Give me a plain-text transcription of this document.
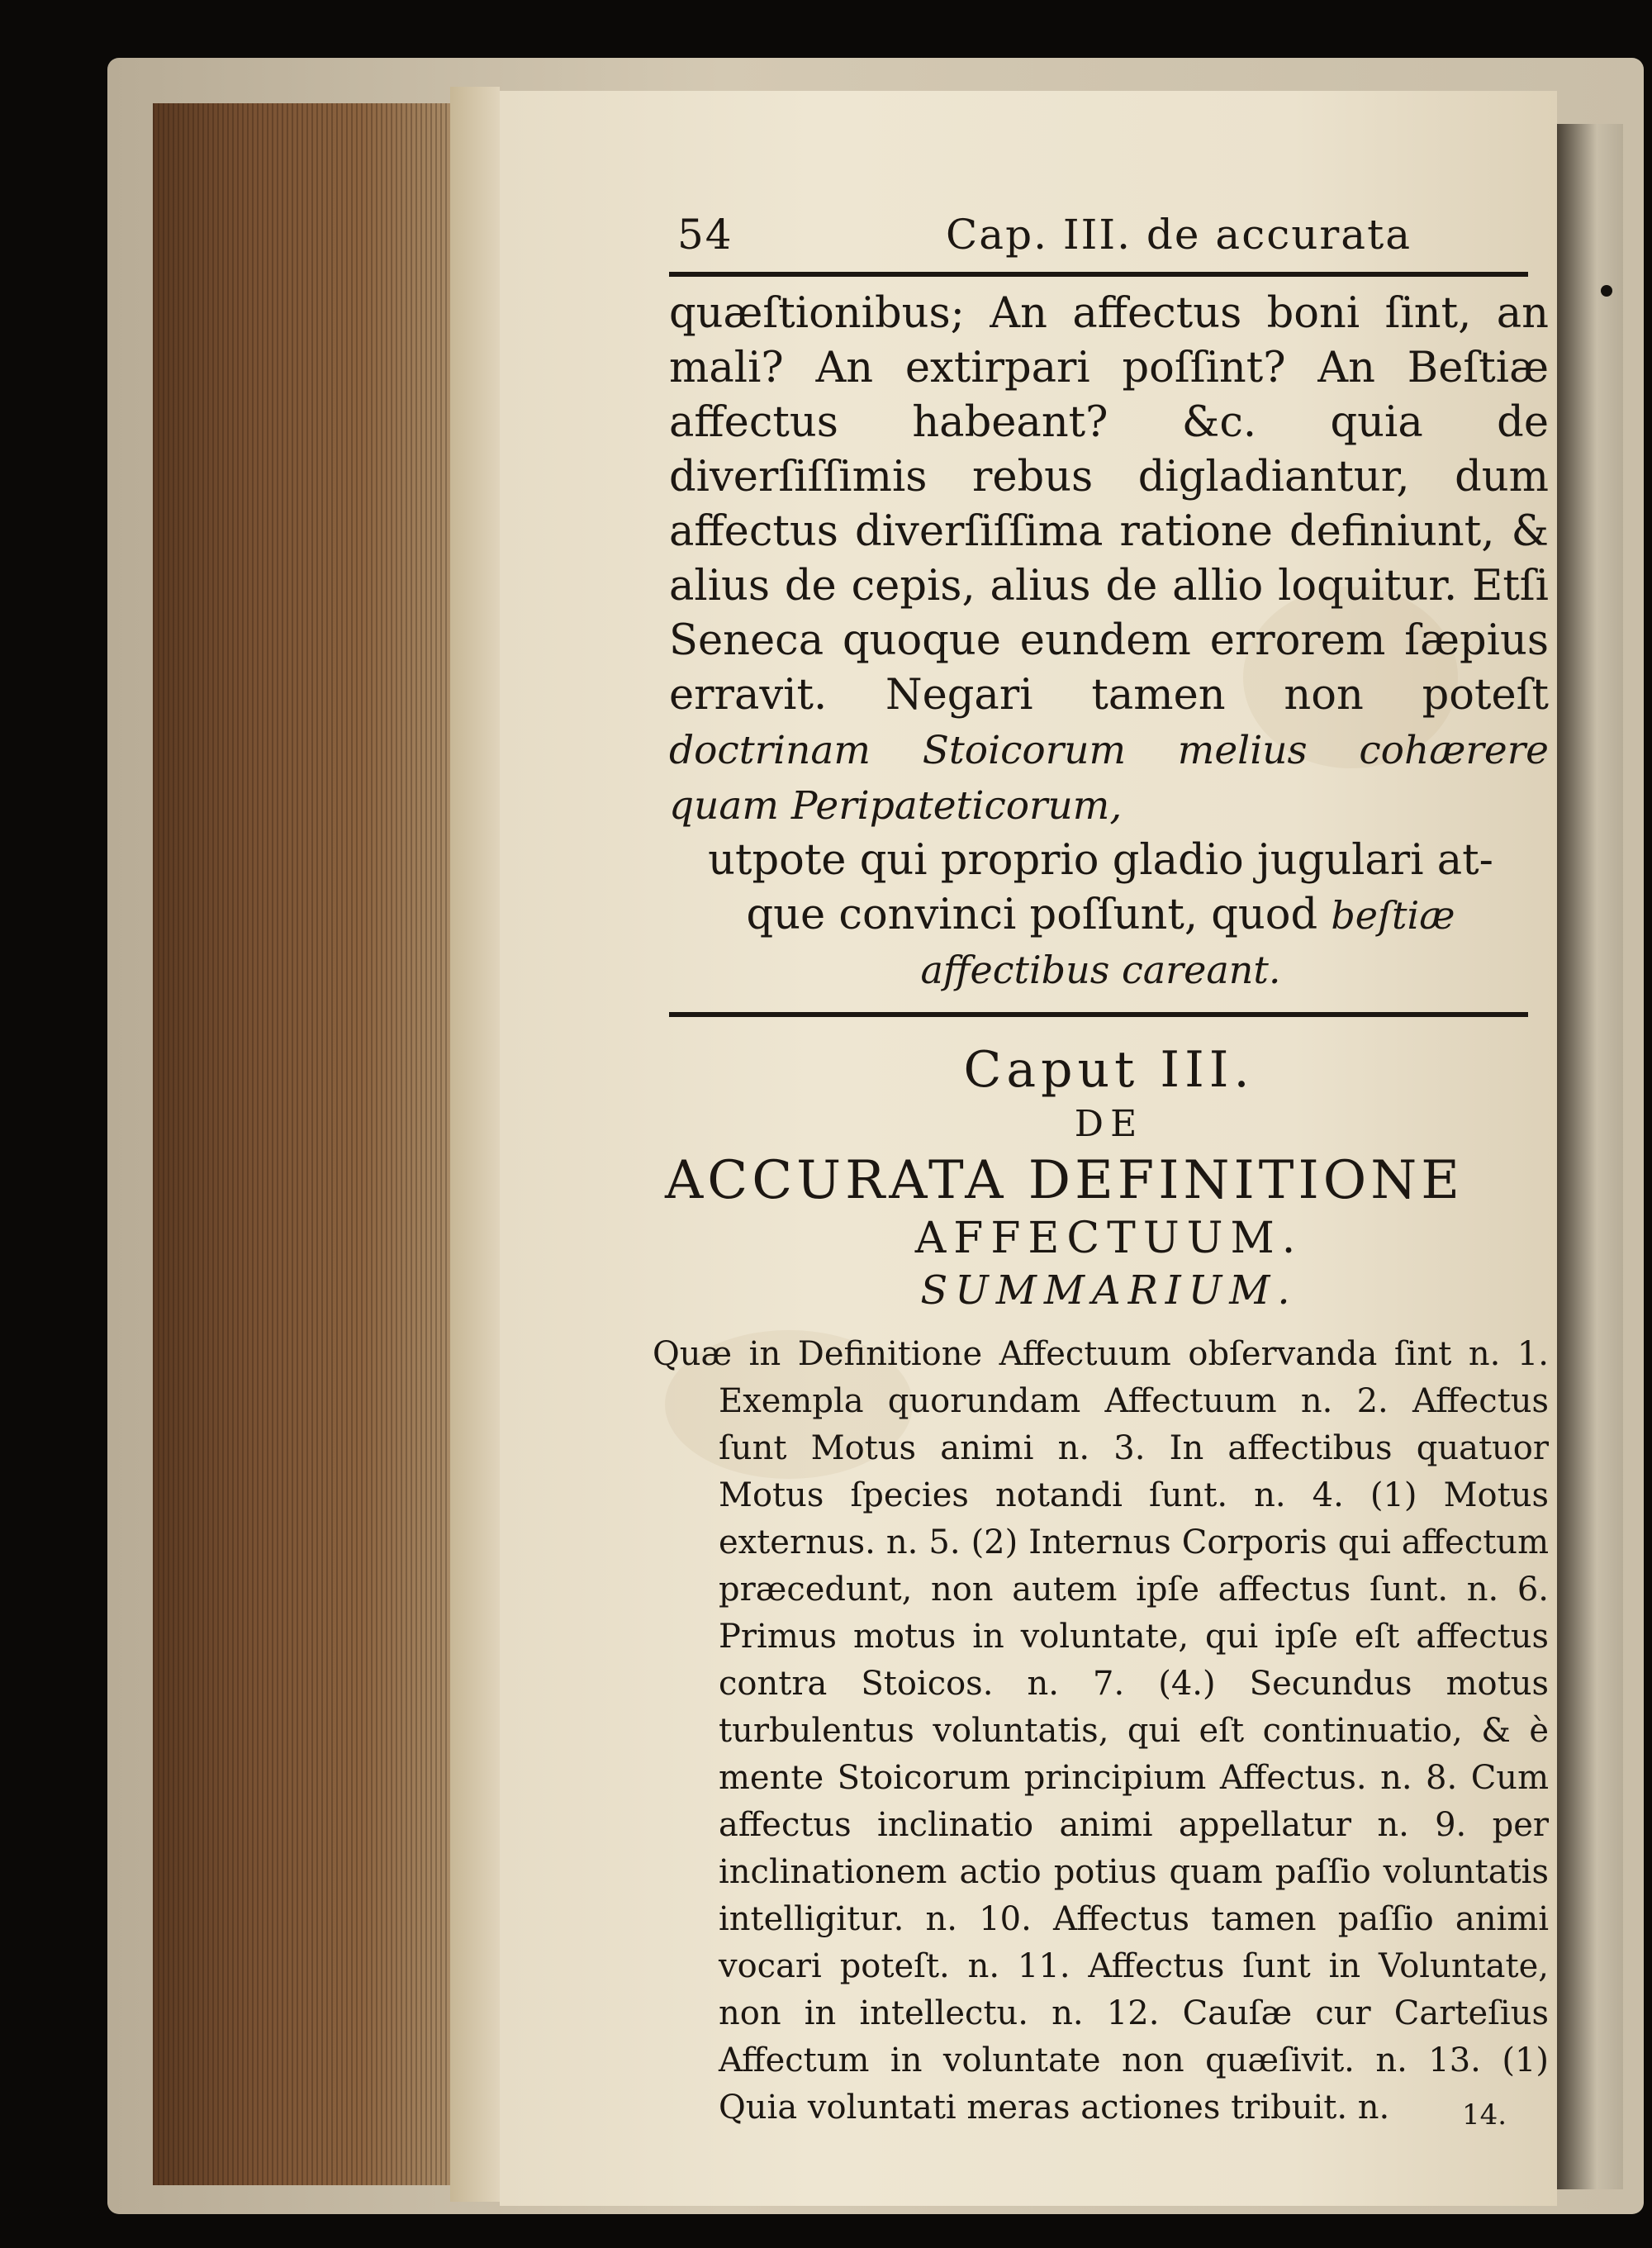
54	Cap. III. de accurata

quæſtionibus; An affectus boni ſint, an mali? An extirpari poſſint? An Beſtiæ affectus habeant? &c. quia de diverſiſſimis rebus digladiantur, dum affectus diverſiſſima ratione definiunt, & alius de cepis, alius de allio loquitur. Etſi Seneca quoque eundem errorem ſæpius erravit. Negari tamen non poteſt doctrinam Stoicorum melius cohærere quam Peripateticorum,

utpote qui proprio gladio jugulari at-
que convinci poſſunt, quod beſtiæ
affectibus careant.
Caput III.
DE
ACCURATA DEFINITIONE
AFFECTUUM.
SUMMARIUM.

Quæ in Definitione Affectuum obſervanda ſint n. 1. Exempla quorundam Affectuum n. 2. Affectus ſunt Motus animi n. 3. In affectibus quatuor Motus ſpecies notandi ſunt. n. 4. (1) Motus externus. n. 5. (2) Internus Corporis qui affectum præcedunt, non autem ipſe affectus ſunt. n. 6. Primus motus in voluntate, qui ipſe eſt affectus contra Stoicos. n. 7. (4.) Secundus motus turbulentus voluntatis, qui eſt continuatio, & è mente Stoicorum principium Affectus. n. 8. Cum affectus inclinatio animi appellatur n. 9. per inclinationem actio potius quam paſſio voluntatis intelligitur. n. 10. Affectus tamen paſſio animi vocari poteſt. n. 11. Affectus ſunt in Voluntate, non in intellectu. n. 12. Cauſæ cur Carteſius Affectum in voluntate non quæſivit. n. 13. (1) Quia voluntati meras actiones tribuit. n.	14.
